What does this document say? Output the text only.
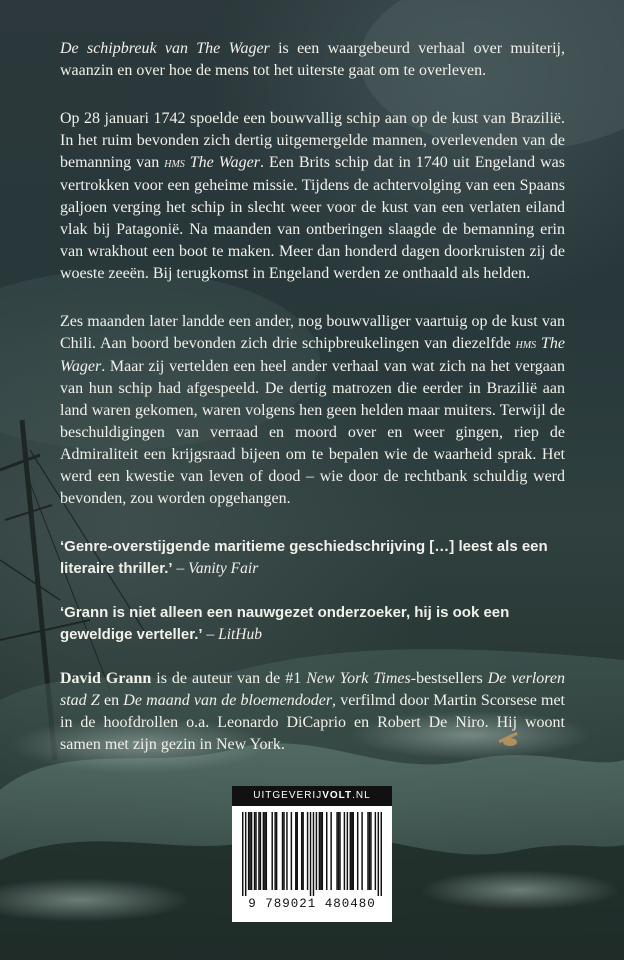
De schipbreuk van The Wager is een waargebeurd verhaal over muiterij, waanzin en over hoe de mens tot het uiterste gaat om te overleven.

Op 28 januari 1742 spoelde een bouwvallig schip aan op de kust van Brazilië. In het ruim bevonden zich dertig uitgemergelde mannen, overlevenden van de bemanning van hms The Wager. Een Brits schip dat in 1740 uit Engeland was vertrokken voor een geheime missie. Tijdens de achtervolging van een Spaans galjoen verging het schip in slecht weer voor de kust van een verlaten eiland vlak bij Patagonië. Na maanden van ontberingen slaagde de bemanning erin van wrakhout een boot te maken. Meer dan honderd dagen doorkruisten zij de woeste zeeën. Bij terugkomst in Engeland werden ze onthaald als helden.

Zes maanden later landde een ander, nog bouwvalliger vaartuig op de kust van Chili. Aan boord bevonden zich drie schipbreukelingen van diezelfde hms The Wager. Maar zij vertelden een heel ander verhaal van wat zich na het vergaan van hun schip had afgespeeld. De dertig matrozen die eerder in Brazilië aan land waren gekomen, waren volgens hen geen helden maar muiters. Terwijl de beschuldigingen van verraad en moord over en weer gingen, riep de Admiraliteit een krijgsraad bijeen om te bepalen wie de waarheid sprak. Het werd een kwestie van leven of dood – wie door de rechtbank schuldig werd bevonden, zou worden opgehangen.

‘Genre-overstijgende maritieme geschiedschrijving […] leest als een literaire thriller.’ – Vanity Fair

‘Grann is niet alleen een nauwgezet onderzoeker, hij is ook een geweldige verteller.’ – LitHub

David Grann is de auteur van de #1 New York Times-bestsellers De verloren stad Z en De maand van de bloemendoder, verfilmd door Martin Scorsese met in de hoofdrollen o.a. Leonardo DiCaprio en Robert De Niro. Hij woont samen met zijn gezin in New York.

UITGEVERIJVOLT.NL
9 789021 480480
